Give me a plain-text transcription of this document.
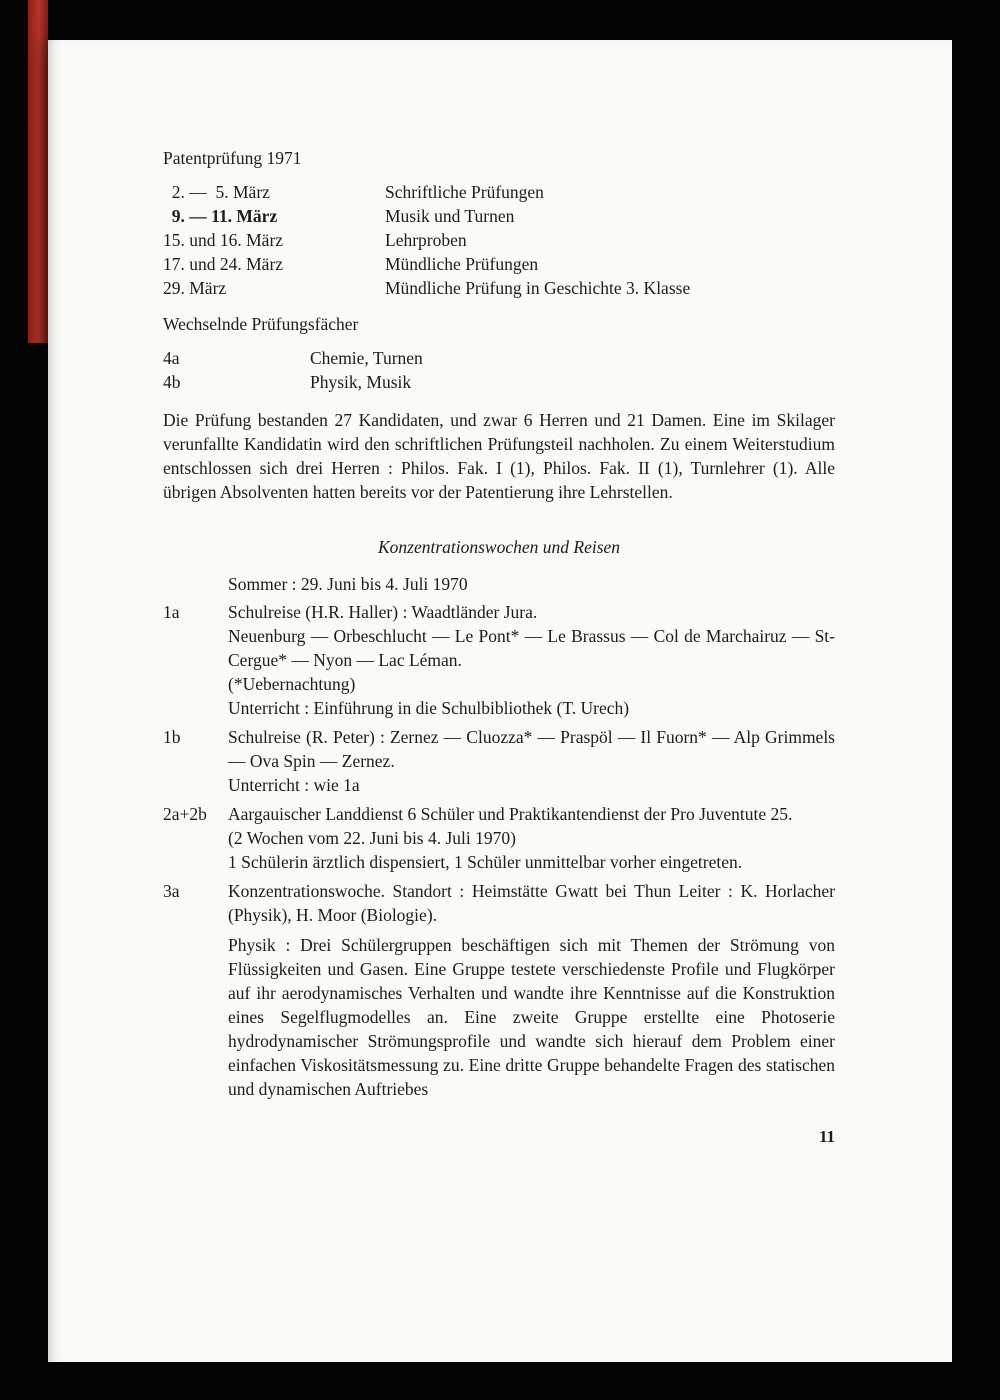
Patentprüfung 1971
2. —  5. März	Schriftliche Prüfungen
9. — 11. März	Musik und Turnen
15. und 16. März	Lehrproben
17. und 24. März	Mündliche Prüfungen
29. März	Mündliche Prüfung in Geschichte 3. Klasse
Wechselnde Prüfungsfächer
4a	Chemie, Turnen
4b	Physik, Musik
Die Prüfung bestanden 27 Kandidaten, und zwar 6 Herren und 21 Damen. Eine im Skilager verunfallte Kandidatin wird den schriftlichen Prüfungsteil nachholen. Zu einem Weiterstudium entschlossen sich drei Herren : Philos. Fak. I (1), Philos. Fak. II (1), Turnlehrer (1). Alle übrigen Absolventen hatten bereits vor der Patentierung ihre Lehrstellen.
Konzentrationswochen und Reisen
Sommer : 29. Juni bis 4. Juli 1970
1a	Schulreise (H.R. Haller) : Waadtländer Jura.

Neuenburg — Orbeschlucht — Le Pont* — Le Brassus — Col de Marchairuz — St-Cergue* — Nyon — Lac Léman.

(*Uebernachtung)

Unterricht : Einführung in die Schulbibliothek (T. Urech)

1b	Schulreise (R. Peter) : Zernez — Cluozza* — Praspöl — Il Fuorn* — Alp Grimmels — Ova Spin — Zernez.

Unterricht : wie 1a

2a+2b	Aargauischer Landdienst 6 Schüler und Praktikantendienst der Pro Juventute 25.

(2 Wochen vom 22. Juni bis 4. Juli 1970)

1 Schülerin ärztlich dispensiert, 1 Schüler unmittelbar vorher eingetreten.

3a	Konzentrationswoche. Standort : Heimstätte Gwatt bei Thun Leiter : K. Horlacher (Physik), H. Moor (Biologie).

Physik : Drei Schülergruppen beschäftigen sich mit Themen der Strömung von Flüssigkeiten und Gasen. Eine Gruppe testete verschiedenste Profile und Flugkörper auf ihr aerodynamisches Verhalten und wandte ihre Kenntnisse auf die Konstruktion eines Segelflugmodelles an. Eine zweite Gruppe erstellte eine Photoserie hydrodynamischer Strömungsprofile und wandte sich hierauf dem Problem einer einfachen Viskositätsmessung zu. Eine dritte Gruppe behandelte Fragen des statischen und dynamischen Auftriebes

11
